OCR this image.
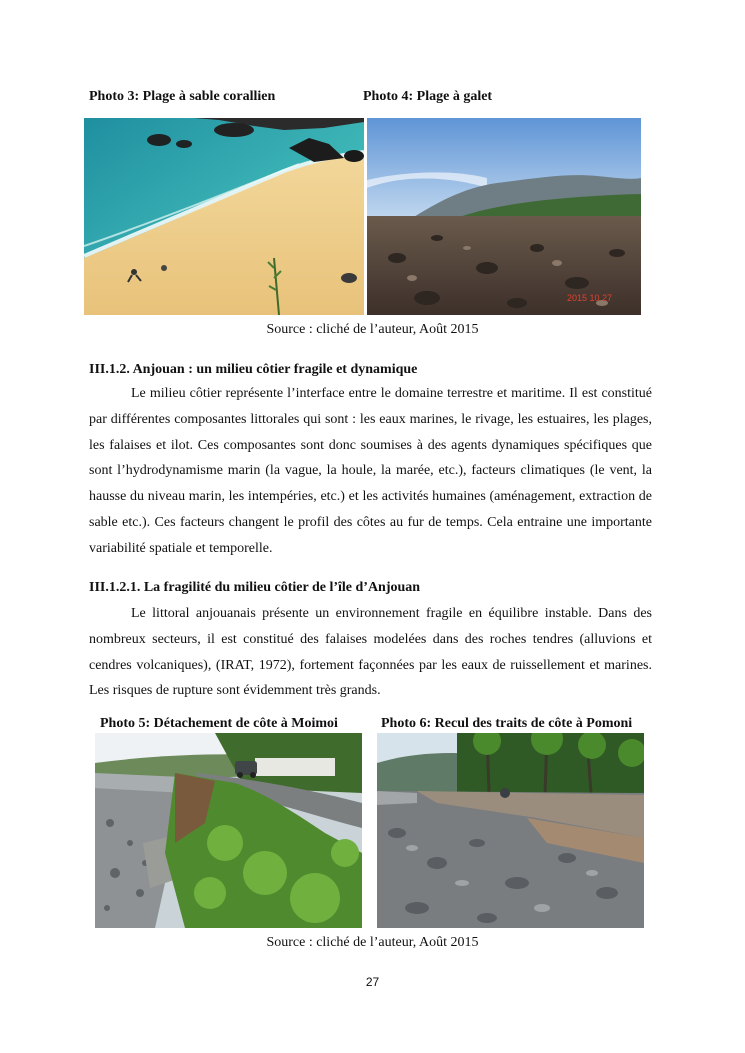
Photo 3: Plage à sable corallien	Photo 4: Plage à galet
2015 10 27
Source : cliché de l’auteur, Août 2015
III.1.2. Anjouan : un milieu côtier fragile et dynamique

Le milieu côtier représente l’interface entre le domaine terrestre et maritime. Il est constitué par différentes composantes littorales qui sont : les eaux marines, le rivage, les estuaires, les plages, les falaises et ilot. Ces composantes sont donc soumises à des agents dynamiques spécifiques que sont l’hydrodynamisme marin (la vague, la houle, la marée, etc.), facteurs climatiques (le vent, la hausse du niveau marin, les intempéries, etc.) et les activités humaines (aménagement, extraction de sable etc.). Ces facteurs changent le profil des côtes au fur de temps. Cela entraine une importante variabilité spatiale et temporelle.

III.1.2.1. La fragilité du milieu côtier de l’île d’Anjouan

Le littoral anjouanais présente un environnement fragile en équilibre instable. Dans des nombreux secteurs, il est constitué des falaises modelées dans des roches tendres (alluvions et cendres volcaniques), (IRAT, 1972), fortement façonnées par les eaux de ruissellement et marines. Les risques de rupture sont évidemment très grands.

Photo 5: Détachement de côte à Moimoi	Photo 6: Recul des traits de côte à Pomoni
Source : cliché de l’auteur, Août 2015
27
